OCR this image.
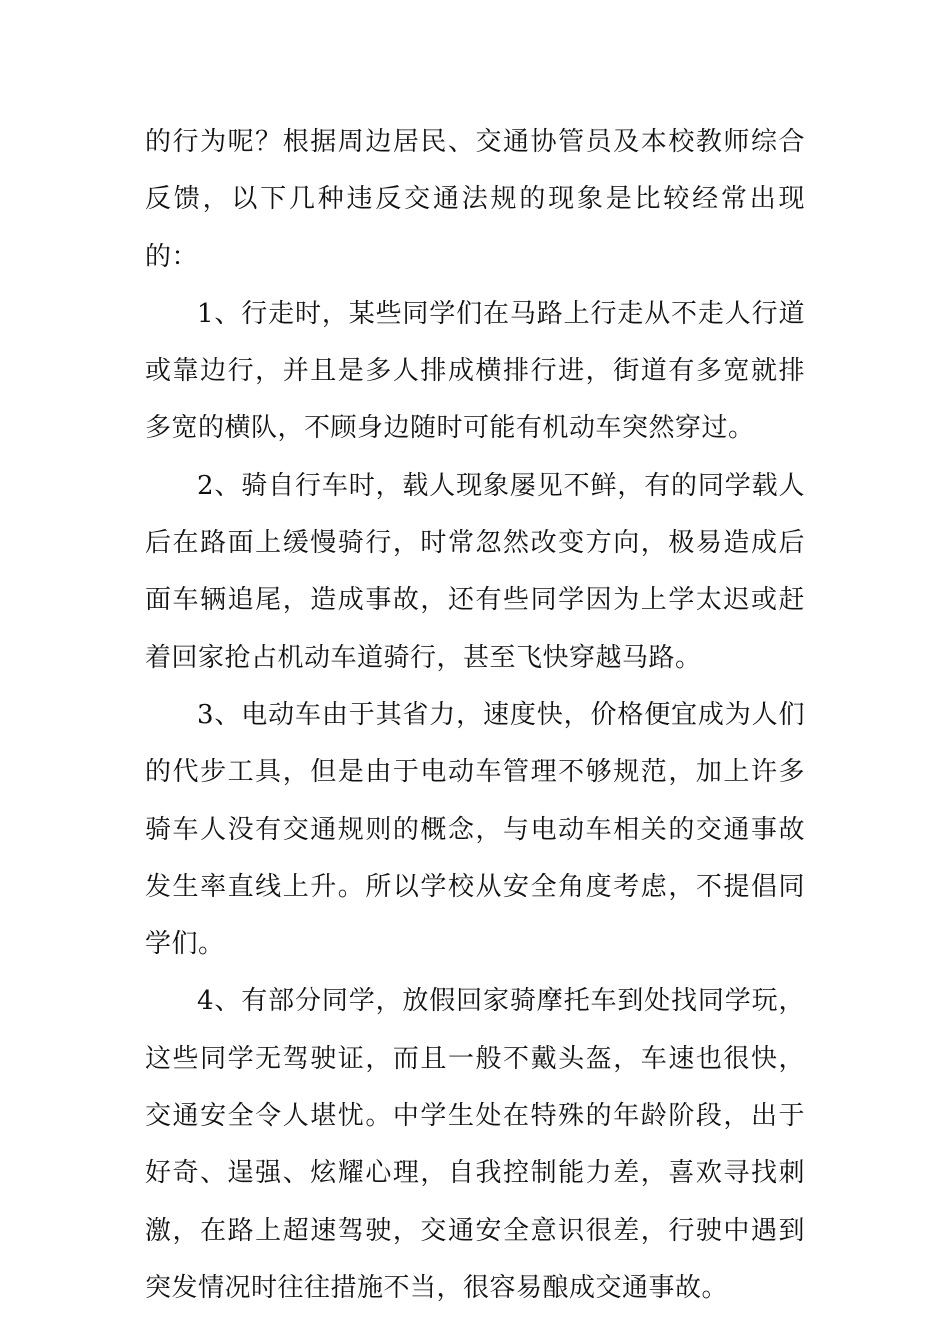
的行为呢？根据周边居民、交通协管员及本校教师综合反馈，以下几种违反交通法规的现象是比较经常出现的：

1、行走时，某些同学们在马路上行走从不走人行道或靠边行，并且是多人排成横排行进，街道有多宽就排多宽的横队，不顾身边随时可能有机动车突然穿过。

2、骑自行车时，载人现象屡见不鲜，有的同学载人后在路面上缓慢骑行，时常忽然改变方向，极易造成后面车辆追尾，造成事故，还有些同学因为上学太迟或赶着回家抢占机动车道骑行，甚至飞快穿越马路。

3、电动车由于其省力，速度快，价格便宜成为人们的代步工具，但是由于电动车管理不够规范，加上许多骑车人没有交通规则的概念，与电动车相关的交通事故发生率直线上升。所以学校从安全角度考虑，不提倡同学们。

4、有部分同学，放假回家骑摩托车到处找同学玩，这些同学无驾驶证，而且一般不戴头盔，车速也很快，交通安全令人堪忧。中学生处在特殊的年龄阶段，出于好奇、逞强、炫耀心理，自我控制能力差，喜欢寻找刺激，在路上超速驾驶，交通安全意识很差，行驶中遇到突发情况时往往措施不当，很容易酿成交通事故。
